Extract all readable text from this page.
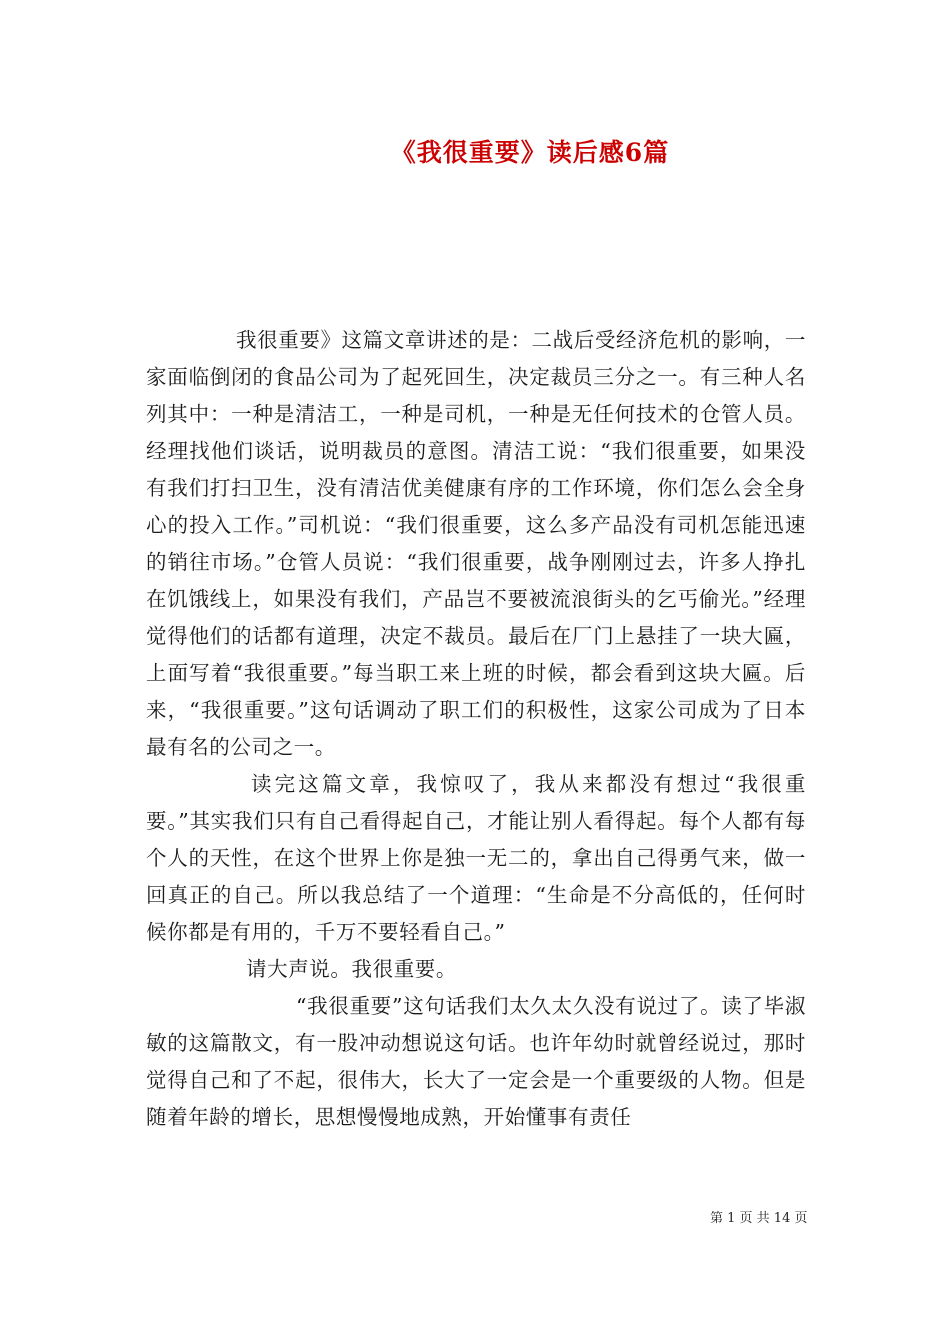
《我很重要》读后感6篇

我很重要》这篇文章讲述的是：二战后受经济危机的影响，一家面临倒闭的食品公司为了起死回生，决定裁员三分之一。有三种人名列其中：一种是清洁工，一种是司机，一种是无任何技术的仓管人员。经理找他们谈话，说明裁员的意图。清洁工说：“我们很重要，如果没有我们打扫卫生，没有清洁优美健康有序的工作环境，你们怎么会全身心的投入工作。”司机说：“我们很重要，这么多产品没有司机怎能迅速的销往市场。”仓管人员说：“我们很重要，战争刚刚过去，许多人挣扎在饥饿线上，如果没有我们，产品岂不要被流浪街头的乞丐偷光。”经理觉得他们的话都有道理，决定不裁员。最后在厂门上悬挂了一块大匾，上面写着“我很重要。”每当职工来上班的时候，都会看到这块大匾。后来，“我很重要。”这句话调动了职工们的积极性，这家公司成为了日本最有名的公司之一。

读完这篇文章，我惊叹了，我从来都没有想过“我很重要。”其实我们只有自己看得起自己，才能让别人看得起。每个人都有每个人的天性，在这个世界上你是独一无二的，拿出自己得勇气来，做一回真正的自己。所以我总结了一个道理：“生命是不分高低的，任何时候你都是有用的，千万不要轻看自己。”

请大声说。我很重要。

“我很重要”这句话我们太久太久没有说过了。读了毕淑敏的这篇散文，有一股冲动想说这句话。也许年幼时就曾经说过，那时觉得自己和了不起，很伟大，长大了一定会是一个重要级的人物。但是随着年龄的增长，思想慢慢地成熟，开始懂事有责任

第 1 页 共 14 页
